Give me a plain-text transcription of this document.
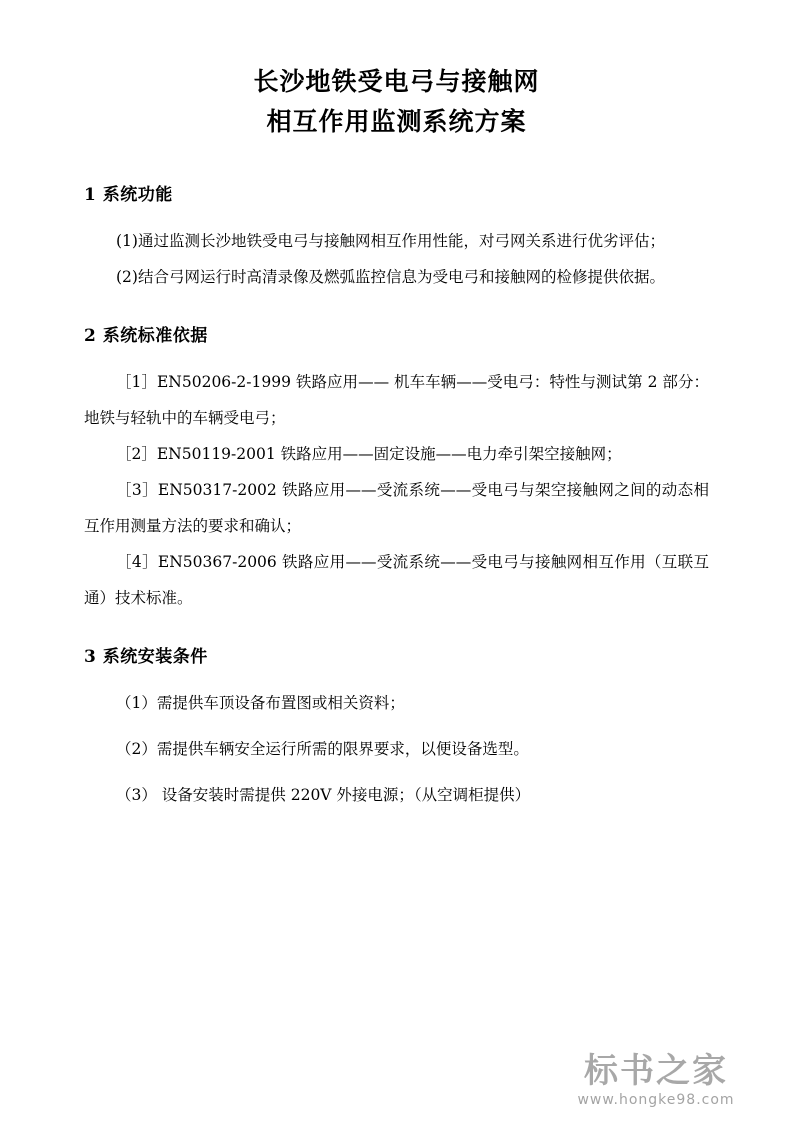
长沙地铁受电弓与接触网
相互作用监测系统方案
1 系统功能

(1)通过监测长沙地铁受电弓与接触网相互作用性能，对弓网关系进行优劣评估；

(2)结合弓网运行时高清录像及燃弧监控信息为受电弓和接触网的检修提供依据。

2 系统标准依据

［1］EN50206-2-1999 铁路应用—— 机车车辆——受电弓：特性与测试第 2 部分：地铁与轻轨中的车辆受电弓；

［2］EN50119-2001 铁路应用——固定设施——电力牵引架空接触网；

［3］EN50317-2002 铁路应用——受流系统——受电弓与架空接触网之间的动态相互作用测量方法的要求和确认；

［4］EN50367-2006 铁路应用——受流系统——受电弓与接触网相互作用（互联互通）技术标准。

3 系统安装条件

（1）需提供车顶设备布置图或相关资料；

（2）需提供车辆安全运行所需的限界要求，以便设备选型。

（3） 设备安装时需提供 220V 外接电源；（从空调柜提供）

标书之家
www.hongke98.com
